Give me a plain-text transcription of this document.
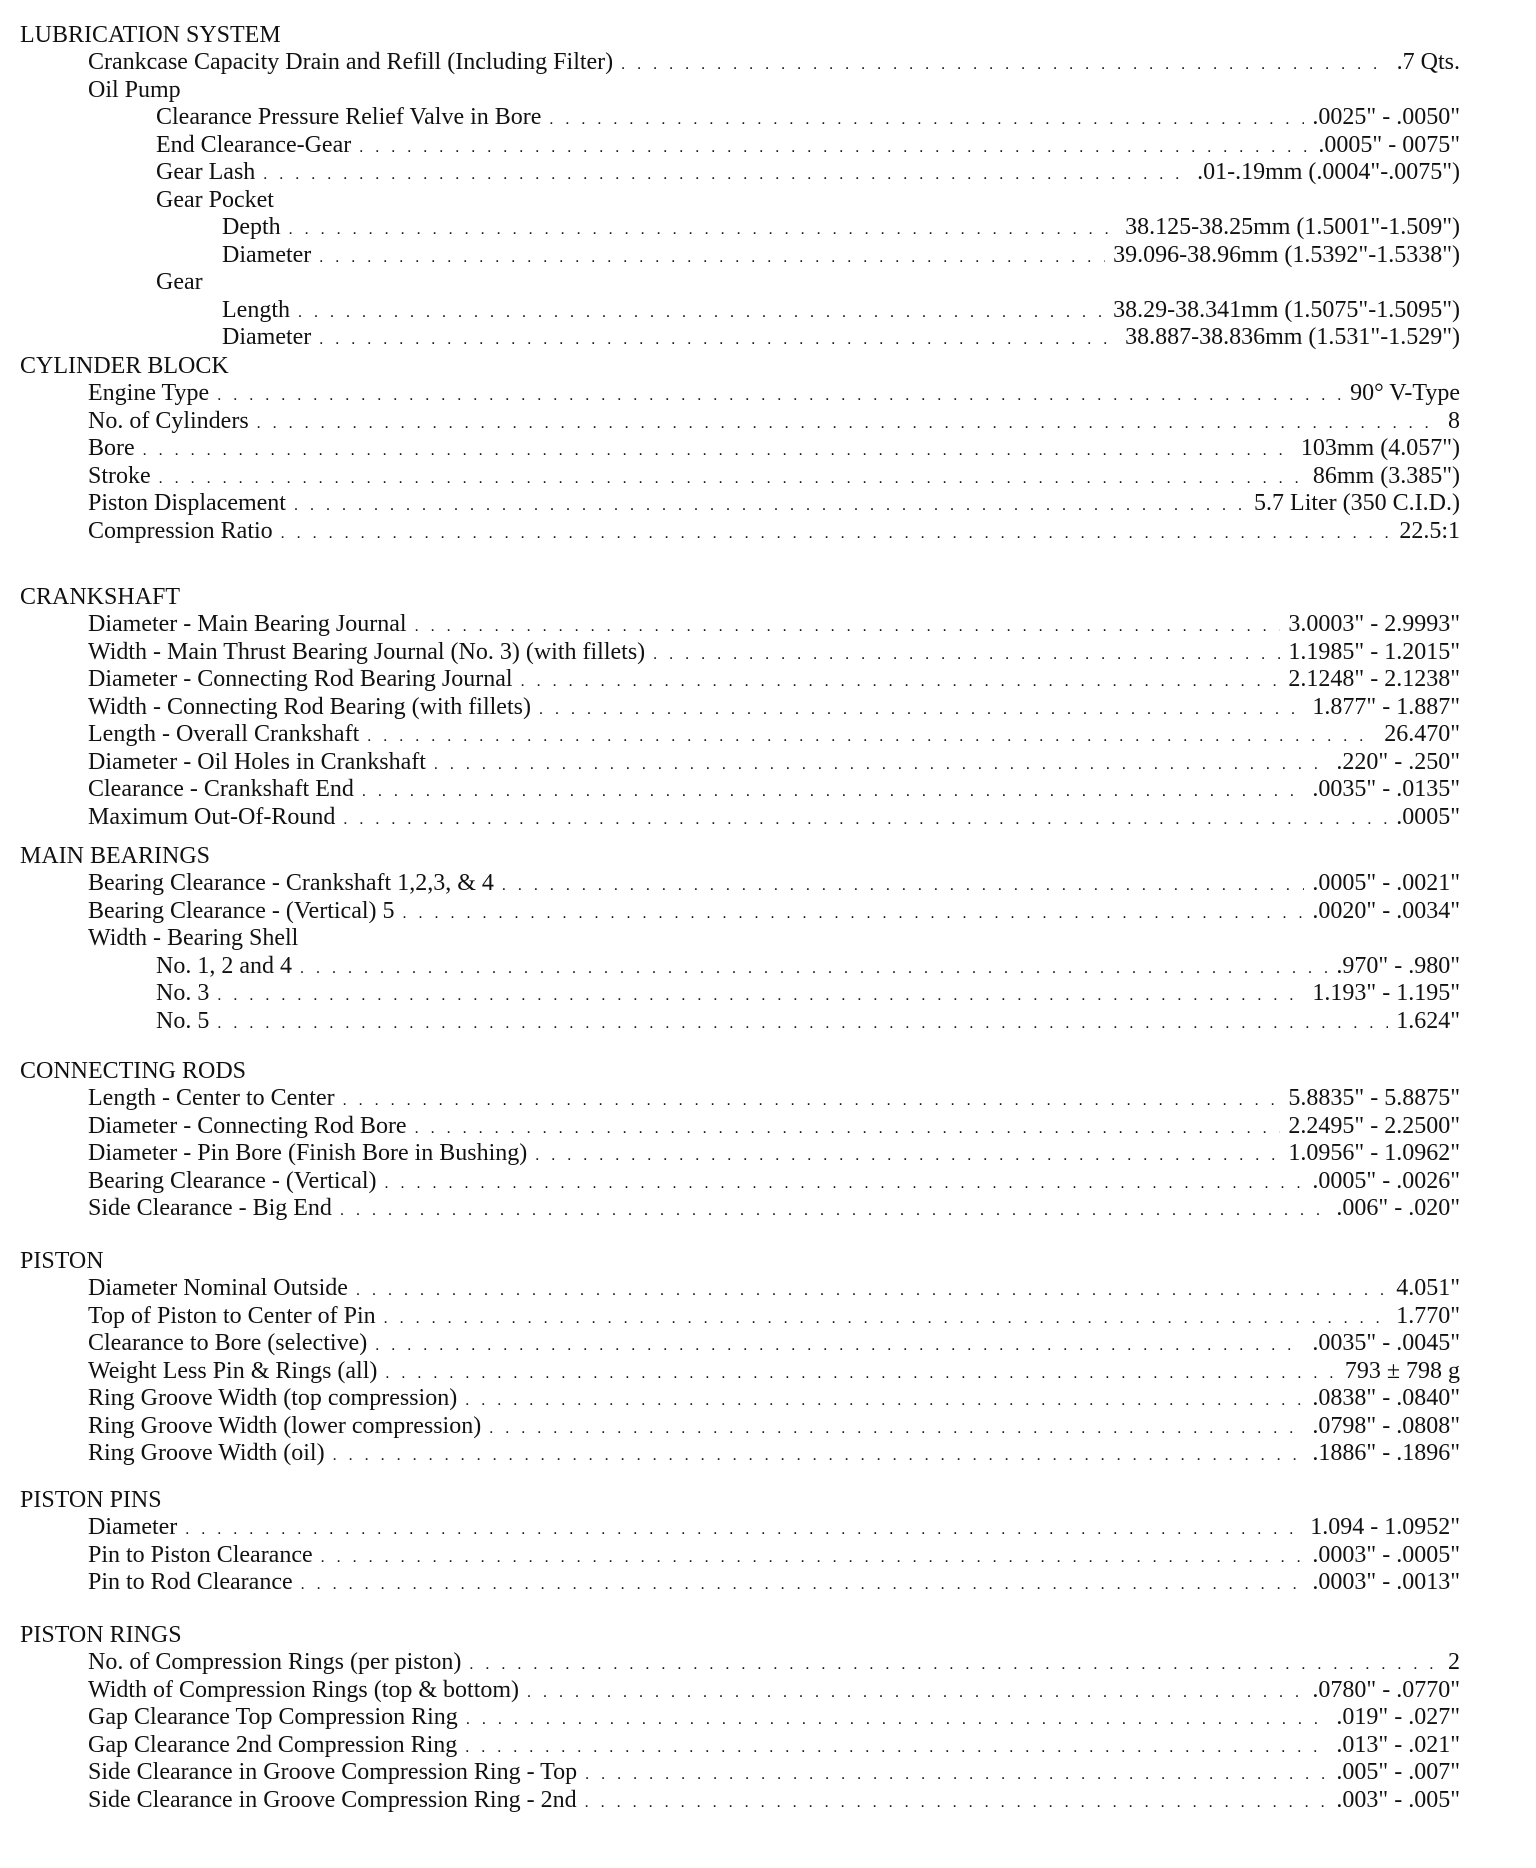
LUBRICATION SYSTEM
Crankcase Capacity Drain and Refill (Including Filter) . . .	.7 Qts.
Oil Pump
Clearance Pressure Relief Valve in Bore . . .	.0025" - .0050"
End Clearance-Gear . . .	.0005" - 0075"
Gear Lash . . .	.01-.19mm (.0004"-.0075")
Gear Pocket
Depth . . .	38.125-38.25mm (1.5001"-1.509")
Diameter . . .	39.096-38.96mm (1.5392"-1.5338")
Gear
Length . . .	38.29-38.341mm (1.5075"-1.5095")
Diameter . . .	38.887-38.836mm (1.531"-1.529")
CYLINDER BLOCK
Engine Type . . .	90° V-Type
No. of Cylinders . . .	8
Bore . . .	103mm (4.057")
Stroke . . .	86mm (3.385")
Piston Displacement . . .	5.7 Liter (350 C.I.D.)
Compression Ratio . . .	22.5:1
CRANKSHAFT
Diameter - Main Bearing Journal . . .	3.0003" - 2.9993"
Width - Main Thrust Bearing Journal (No. 3) (with fillets) . . .	1.1985" - 1.2015"
Diameter - Connecting Rod Bearing Journal . . .	2.1248" - 2.1238"
Width - Connecting Rod Bearing (with fillets) . . .	1.877" - 1.887"
Length - Overall Crankshaft . . .	26.470"
Diameter - Oil Holes in Crankshaft . . .	.220" - .250"
Clearance - Crankshaft End . . .	.0035" - .0135"
Maximum Out-Of-Round . . .	.0005"
MAIN BEARINGS
Bearing Clearance - Crankshaft 1,2,3, & 4 . . .	.0005" - .0021"
Bearing Clearance - (Vertical) 5 . . .	.0020" - .0034"
Width - Bearing Shell
No. 1, 2 and 4 . . .	.970" - .980"
No. 3 . . .	1.193" - 1.195"
No. 5 . . .	1.624"
CONNECTING RODS
Length - Center to Center . . .	5.8835" - 5.8875"
Diameter - Connecting Rod Bore . . .	2.2495" - 2.2500"
Diameter - Pin Bore (Finish Bore in Bushing) . . .	1.0956" - 1.0962"
Bearing Clearance - (Vertical) . . .	.0005" - .0026"
Side Clearance - Big End . . .	.006" - .020"
PISTON
Diameter Nominal Outside . . .	4.051"
Top of Piston to Center of Pin . . .	1.770"
Clearance to Bore (selective) . . .	.0035" - .0045"
Weight Less Pin & Rings (all) . . .	793 ± 798 g
Ring Groove Width (top compression) . . .	.0838" - .0840"
Ring Groove Width (lower compression) . . .	.0798" - .0808"
Ring Groove Width (oil) . . .	.1886" - .1896"
PISTON PINS
Diameter . . .	1.094 - 1.0952"
Pin to Piston Clearance . . .	.0003" - .0005"
Pin to Rod Clearance . . .	.0003" - .0013"
PISTON RINGS
No. of Compression Rings (per piston) . . .	2
Width of Compression Rings (top & bottom) . . .	.0780" - .0770"
Gap Clearance Top Compression Ring . . .	.019" - .027"
Gap Clearance 2nd Compression Ring . . .	.013" - .021"
Side Clearance in Groove Compression Ring - Top . . .	.005" - .007"
Side Clearance in Groove Compression Ring - 2nd . . .	.003" - .005"
